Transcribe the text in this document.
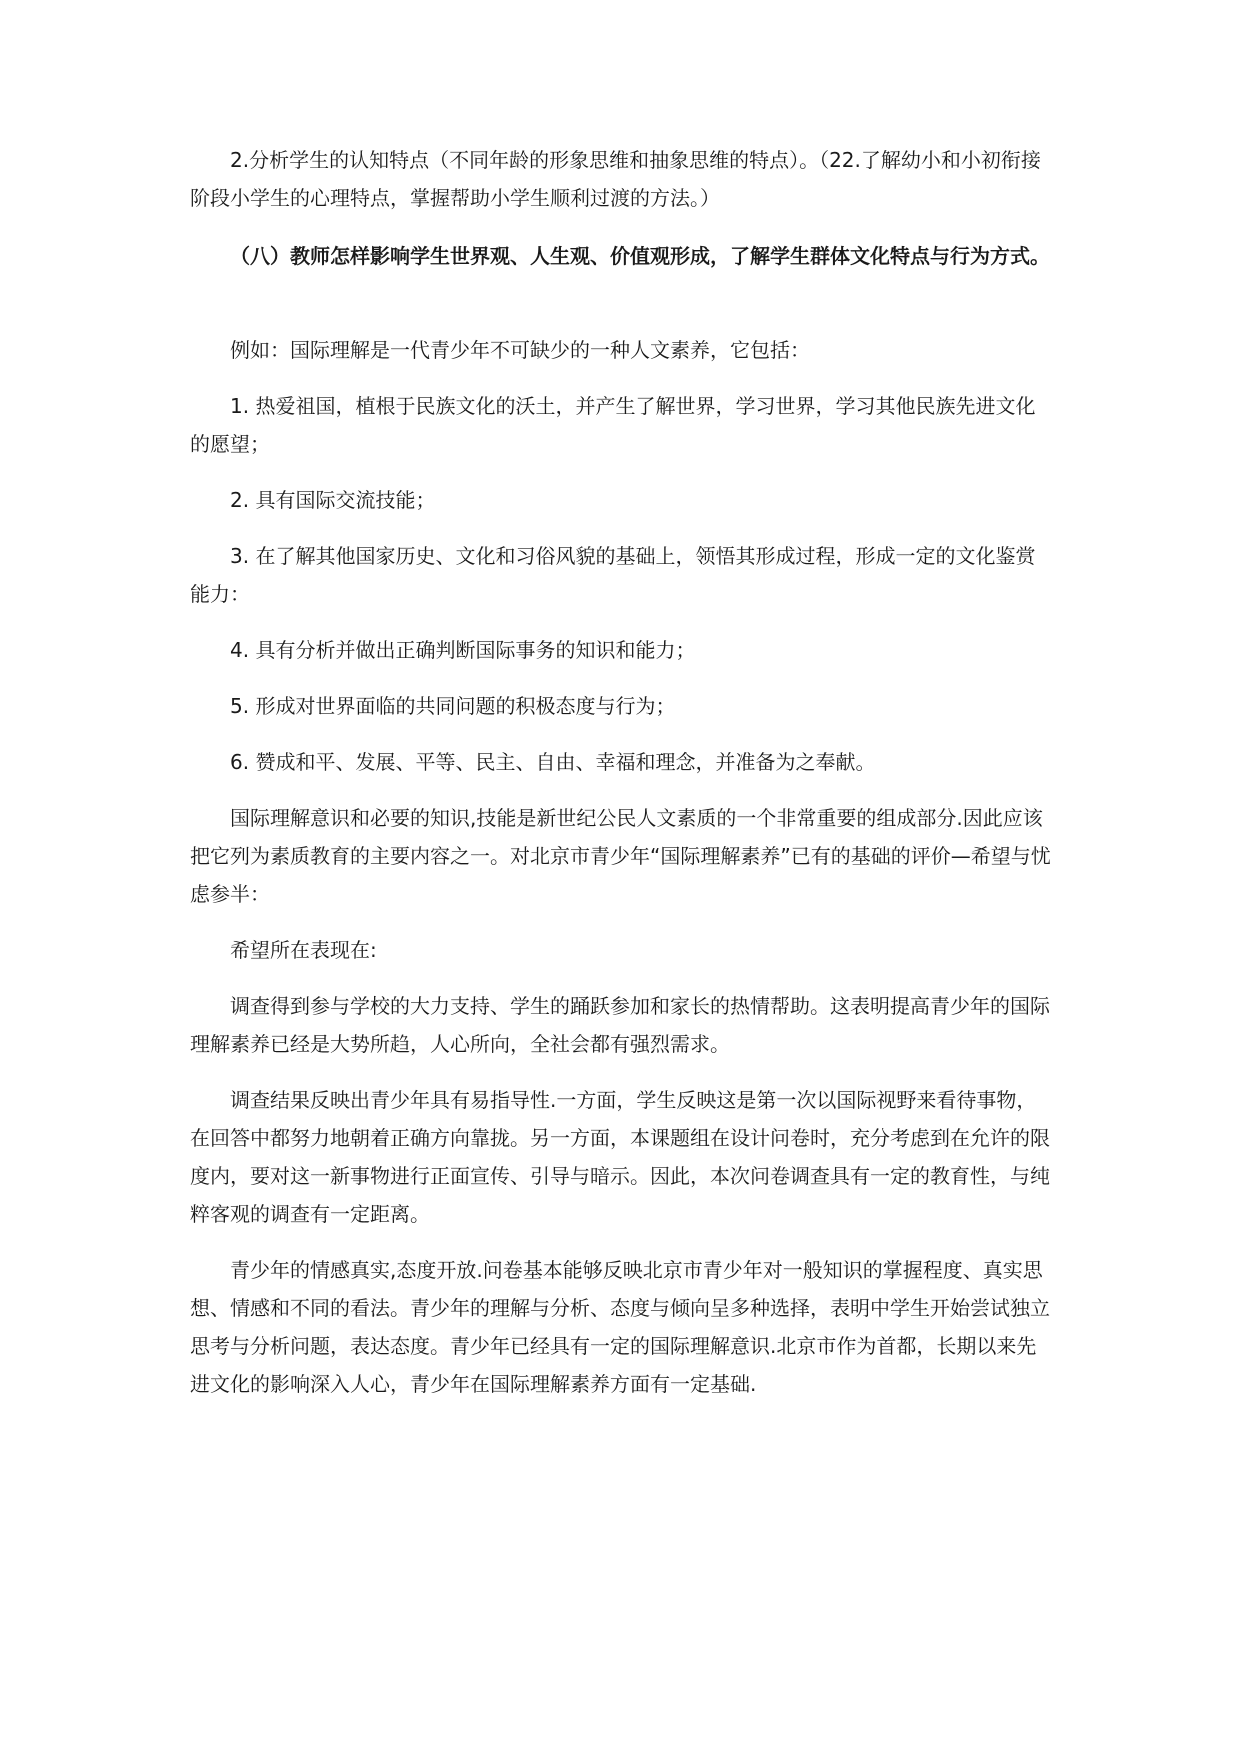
2.分析学生的认知特点（不同年龄的形象思维和抽象思维的特点）。（22.了解幼小和小初衔接阶段小学生的心理特点，掌握帮助小学生顺利过渡的方法。）

（八）教师怎样影响学生世界观、人生观、价值观形成，了解学生群体文化特点与行为方式。

例如：国际理解是一代青少年不可缺少的一种人文素养，它包括：

1. 热爱祖国，植根于民族文化的沃土，并产生了解世界，学习世界，学习其他民族先进文化的愿望；

2. 具有国际交流技能；

3. 在了解其他国家历史、文化和习俗风貌的基础上，领悟其形成过程，形成一定的文化鉴赏能力：

4. 具有分析并做出正确判断国际事务的知识和能力；

5. 形成对世界面临的共同问题的积极态度与行为；

6. 赞成和平、发展、平等、民主、自由、幸福和理念，并准备为之奉献。

国际理解意识和必要的知识,技能是新世纪公民人文素质的一个非常重要的组成部分.因此应该把它列为素质教育的主要内容之一。对北京市青少年“国际理解素养”已有的基础的评价—希望与忧虑参半：

希望所在表现在:

调查得到参与学校的大力支持、学生的踊跃参加和家长的热情帮助。这表明提高青少年的国际理解素养已经是大势所趋，人心所向，全社会都有强烈需求。

调查结果反映出青少年具有易指导性.一方面，学生反映这是第一次以国际视野来看待事物，在回答中都努力地朝着正确方向靠拢。另一方面，本课题组在设计问卷时，充分考虑到在允许的限度内，要对这一新事物进行正面宣传、引导与暗示。因此，本次问卷调查具有一定的教育性，与纯粹客观的调查有一定距离。

青少年的情感真实,态度开放.问卷基本能够反映北京市青少年对一般知识的掌握程度、真实思想、情感和不同的看法。青少年的理解与分析、态度与倾向呈多种选择，表明中学生开始尝试独立思考与分析问题，表达态度。青少年已经具有一定的国际理解意识.北京市作为首都，长期以来先进文化的影响深入人心，青少年在国际理解素养方面有一定基础.
